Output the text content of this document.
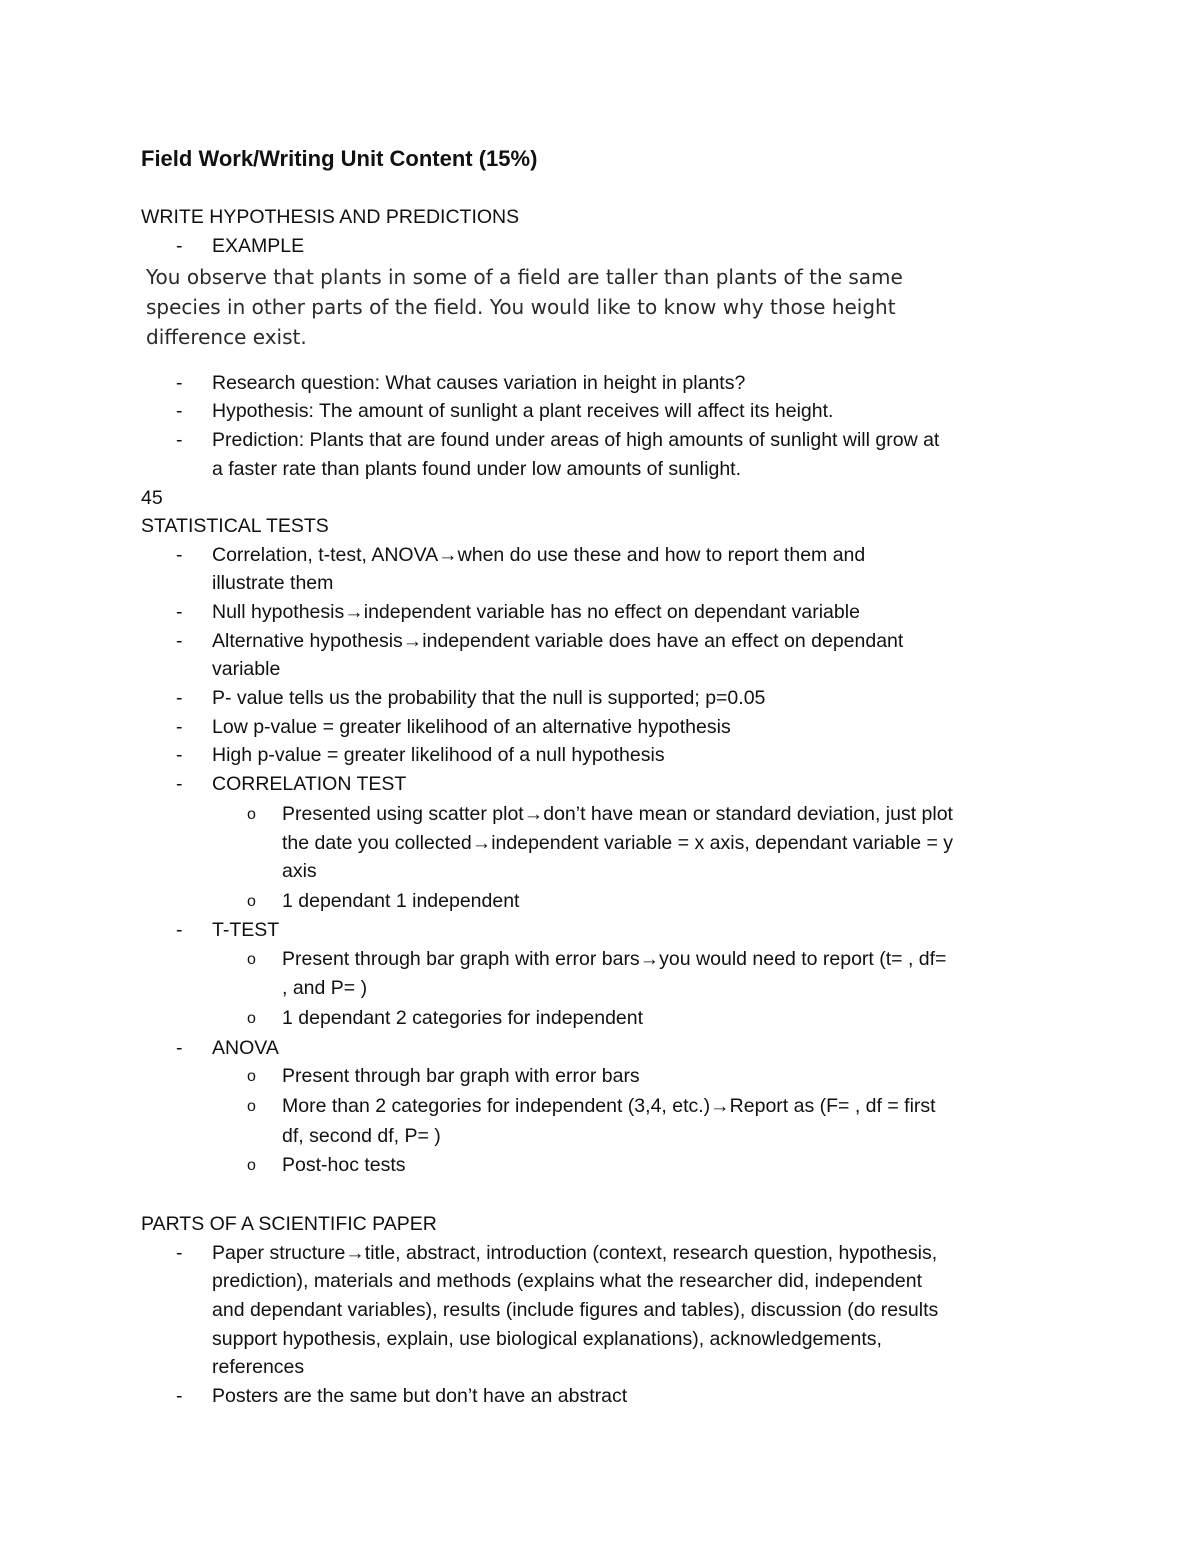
Field Work/Writing Unit Content (15%)
WRITE HYPOTHESIS AND PREDICTIONS
- EXAMPLE
You observe that plants in some of a field are taller than plants of the same
species in other parts of the field. You would like to know why those height
difference exist.
- Research question: What causes variation in height in plants?
- Hypothesis: The amount of sunlight a plant receives will affect its height.
- Prediction: Plants that are found under areas of high amounts of sunlight will grow at
a faster rate than plants found under low amounts of sunlight.
45
STATISTICAL TESTS
- Correlation, t-test, ANOVA→when do use these and how to report them and
illustrate them
- Null hypothesis→independent variable has no effect on dependant variable
- Alternative hypothesis→independent variable does have an effect on dependant
variable
- P- value tells us the probability that the null is supported; p=0.05
- Low p-value = greater likelihood of an alternative hypothesis
- High p-value = greater likelihood of a null hypothesis
- CORRELATION TEST
o Presented using scatter plot→don’t have mean or standard deviation, just plot
the date you collected→independent variable = x axis, dependant variable = y
axis
o 1 dependant 1 independent
- T-TEST
o Present through bar graph with error bars→you would need to report (t= , df=
, and P= )
o 1 dependant 2 categories for independent
- ANOVA
o Present through bar graph with error bars
o More than 2 categories for independent (3,4, etc.)→Report as (F= , df = first
df, second df, P= )
o Post-hoc tests
PARTS OF A SCIENTIFIC PAPER
- Paper structure→title, abstract, introduction (context, research question, hypothesis,
prediction), materials and methods (explains what the researcher did, independent
and dependant variables), results (include figures and tables), discussion (do results
support hypothesis, explain, use biological explanations), acknowledgements,
references
- Posters are the same but don’t have an abstract
